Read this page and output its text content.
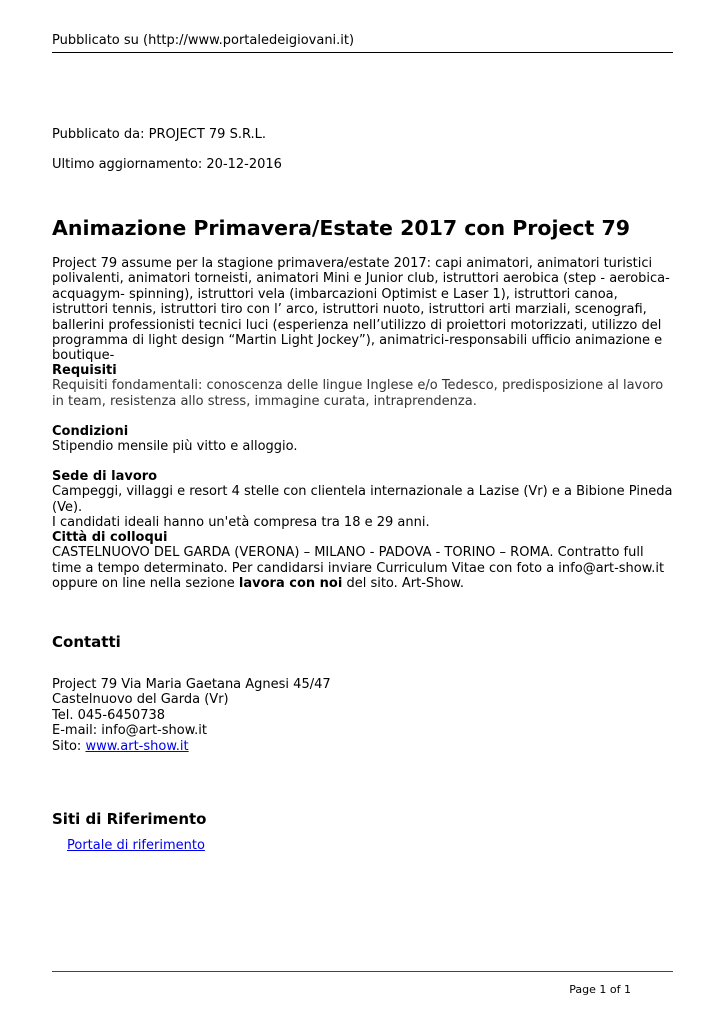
Pubblicato su (http://www.portaledeigiovani.it)
Pubblicato da: PROJECT 79 S.R.L.
Ultimo aggiornamento: 20-12-2016
Animazione Primavera/Estate 2017 con Project 79

Project 79 assume per la stagione primavera/estate 2017: capi animatori, animatori turistici polivalenti, animatori torneisti, animatori Mini e Junior club, istruttori aerobica (step - aerobica-acquagym- spinning), istruttori vela (imbarcazioni Optimist e Laser 1), istruttori canoa, istruttori tennis, istruttori tiro con l’ arco, istruttori nuoto, istruttori arti marziali, scenografi, ballerini professionisti tecnici luci (esperienza nell’utilizzo di proiettori motorizzati, utilizzo del programma di light design “Martin Light Jockey”), animatrici-responsabili ufficio animazione e boutique-

Requisiti
Requisiti fondamentali: conoscenza delle lingue Inglese e/o Tedesco, predisposizione al lavoro in team, resistenza allo stress, immagine curata, intraprendenza.
Condizioni
Stipendio mensile più vitto e alloggio.
Sede di lavoro
Campeggi, villaggi e resort 4 stelle con clientela internazionale a Lazise (Vr) e a Bibione Pineda (Ve).
I candidati ideali hanno un'età compresa tra 18 e 29 anni.
Città di colloqui
CASTELNUOVO DEL GARDA (VERONA) – MILANO - PADOVA - TORINO – ROMA. Contratto full time a tempo determinato. Per candidarsi inviare Curriculum Vitae con foto a info@art-show.it oppure on line nella sezione lavora con noi del sito. Art-Show.
Contatti
Project 79 Via Maria Gaetana Agnesi 45/47
Castelnuovo del Garda (Vr)
Tel. 045-6450738
E-mail: info@art-show.it
Sito: www.art-show.it
Siti di Riferimento
Portale di riferimento
Page 1 of 1
